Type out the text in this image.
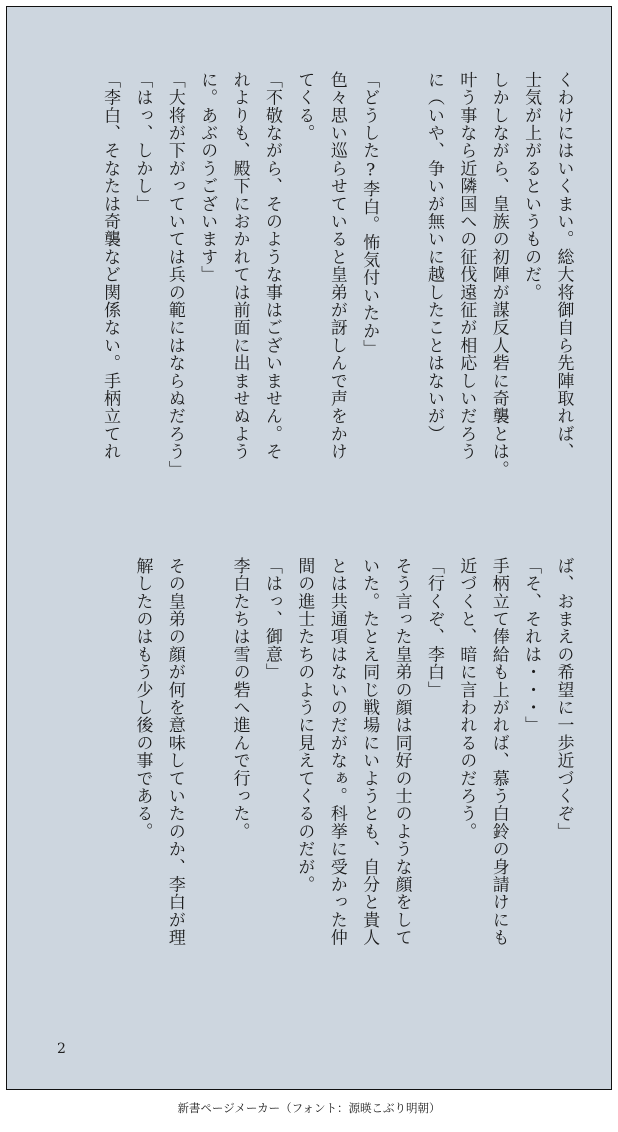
くわけにはいくまい。総大将御自ら先陣取れば、
士気が上がるというものだ。
しかしながら、皇族の初陣が謀反人砦に奇襲とは。
叶う事なら近隣国への征伐遠征が相応しいだろう
に（いや、争いが無いに越したことはないが）
「どうした?李白。怖気付いたか」
色々思い巡らせていると皇弟が訝しんで声をかけ
てくる。
「不敬ながら、そのような事はございません。そ
れよりも、殿下におかれては前面に出ませぬよう
に。あぶのうございます」
「大将が下がっていては兵の範にはならぬだろう」
「はっ、しかし」
「李白、そなたは奇襲など関係ない。手柄立てれ
ば、おまえの希望に一歩近づくぞ」
「そ、それは・・・」
手柄立て俸給も上がれば、慕う白鈴の身請けにも
近づくと、暗に言われるのだろう。
「行くぞ、李白」
そう言った皇弟の顔は同好の士のような顔をして
いた。たとえ同じ戦場にいようとも、自分と貴人
とは共通項はないのだがなぁ。科挙に受かった仲
間の進士たちのように見えてくるのだが。
「はっ、御意」
李白たちは雪の砦へ進んで行った。
その皇弟の顔が何を意味していたのか、李白が理
解したのはもう少し後の事である。
2
新書ページメーカー（フォント：源暎こぶり明朝）
